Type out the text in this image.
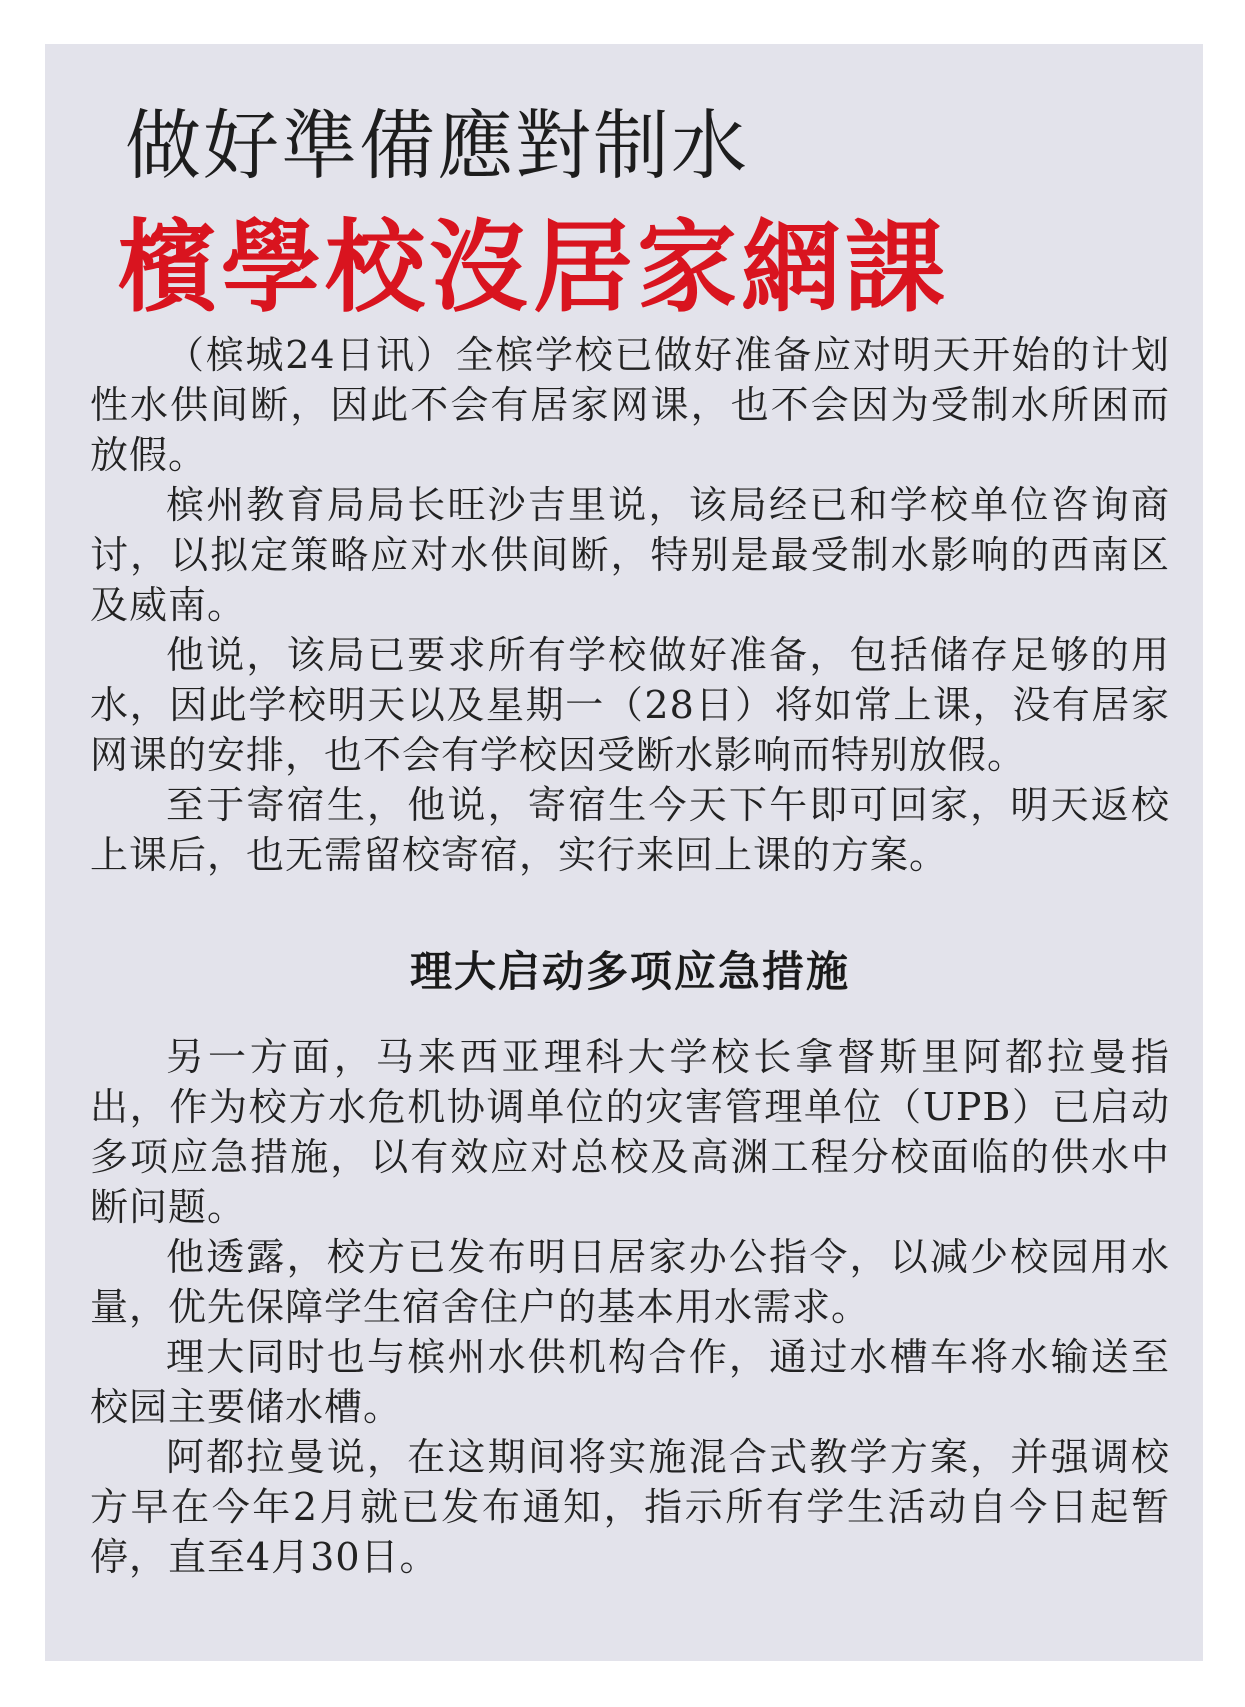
做好準備應對制水
檳學校沒居家網課

（槟城24日讯）全槟学校已做好准备应对明天开始的计划性水供间断，因此不会有居家网课，也不会因为受制水所困而放假。

槟州教育局局长旺沙吉里说，该局经已和学校单位咨询商讨，以拟定策略应对水供间断，特别是最受制水影响的西南区及威南。

他说，该局已要求所有学校做好准备，包括储存足够的用水，因此学校明天以及星期一（28日）将如常上课，没有居家网课的安排，也不会有学校因受断水影响而特别放假。

至于寄宿生，他说，寄宿生今天下午即可回家，明天返校上课后，也无需留校寄宿，实行来回上课的方案。

理大启动多项应急措施

另一方面，马来西亚理科大学校长拿督斯里阿都拉曼指出，作为校方水危机协调单位的灾害管理单位（UPB）已启动多项应急措施，以有效应对总校及高渊工程分校面临的供水中断问题。

他透露，校方已发布明日居家办公指令，以减少校园用水量，优先保障学生宿舍住户的基本用水需求。

理大同时也与槟州水供机构合作，通过水槽车将水输送至校园主要储水槽。

阿都拉曼说，在这期间将实施混合式教学方案，并强调校方早在今年2月就已发布通知，指示所有学生活动自今日起暂停，直至4月30日。
